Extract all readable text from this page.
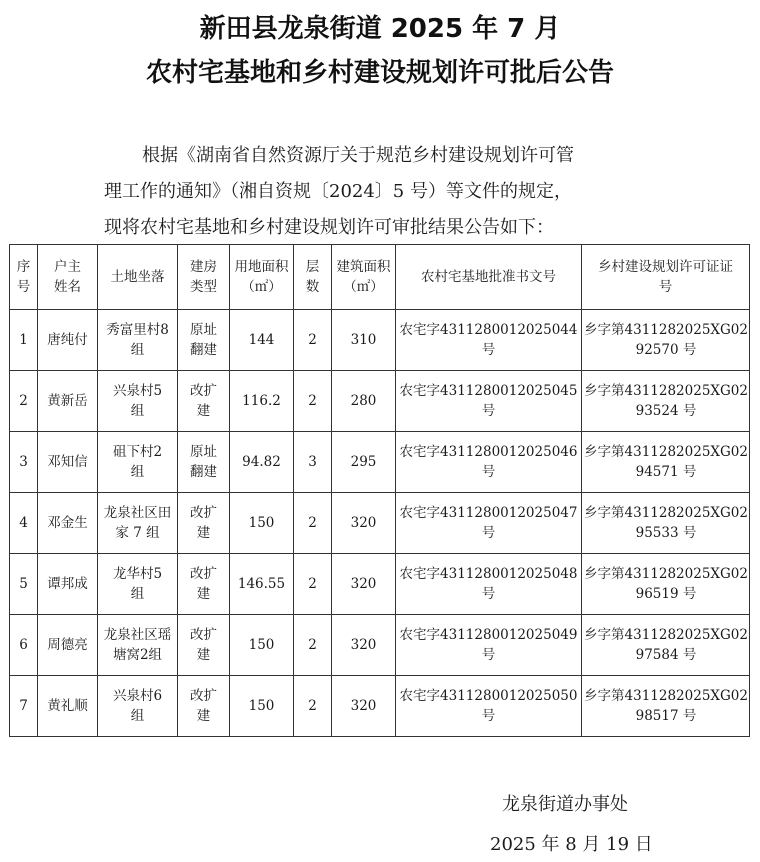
新田县龙泉街道 2025 年 7 月
农村宅基地和乡村建设规划许可批后公告
根据《湖南省自然资源厅关于规范乡村建设规划许可管
理工作的通知》（湘自资规〔2024〕5 号）等文件的规定，
现将农村宅基地和乡村建设规划许可审批结果公告如下：
序号	户主姓名	土地坐落	建房类型	用地面积（㎡）	层数	建筑面积（㎡）	农村宅基地批准书文号	乡村建设规划许可证证号
1	唐纯付	秀富里村8组	原址翻建	144	2	310	农宅字4311280012025044 号	乡字第4311282025XG0292570 号
2	黄新岳	兴泉村5组	改扩建	116.2	2	280	农宅字4311280012025045 号	乡字第4311282025XG0293524 号
3	邓知信	砠下村2组	原址翻建	94.82	3	295	农宅字4311280012025046 号	乡字第4311282025XG0294571 号
4	邓金生	龙泉社区田家 7 组	改扩建	150	2	320	农宅字4311280012025047 号	乡字第4311282025XG0295533 号
5	谭邦成	龙华村5组	改扩建	146.55	2	320	农宅字4311280012025048 号	乡字第4311282025XG0296519 号
6	周德亮	龙泉社区瑶塘窝2组	改扩建	150	2	320	农宅字4311280012025049 号	乡字第4311282025XG0297584 号
7	黄礼顺	兴泉村6组	改扩建	150	2	320	农宅字4311280012025050 号	乡字第4311282025XG0298517 号
龙泉街道办事处
2025 年 8 月 19 日
